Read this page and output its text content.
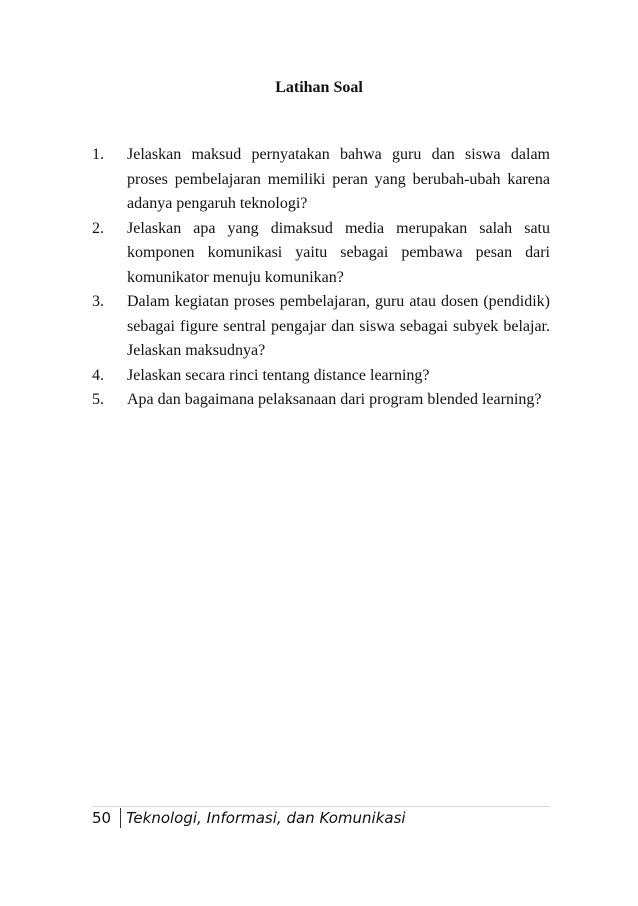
Latihan Soal
1.	Jelaskan maksud pernyatakan bahwa guru dan siswa dalam proses pembelajaran memiliki peran yang berubah-ubah karena adanya pengaruh teknologi?
2.	Jelaskan apa yang dimaksud media merupakan salah satu komponen komunikasi yaitu sebagai pembawa pesan dari komunikator menuju komunikan?
3.	Dalam kegiatan proses pembelajaran, guru atau dosen (pendidik) sebagai figure sentral pengajar dan siswa sebagai subyek belajar. Jelaskan maksudnya?
4.	Jelaskan secara rinci tentang distance learning?
5.	Apa dan bagaimana pelaksanaan dari program blended learning?
50 Teknologi, Informasi, dan Komunikasi
